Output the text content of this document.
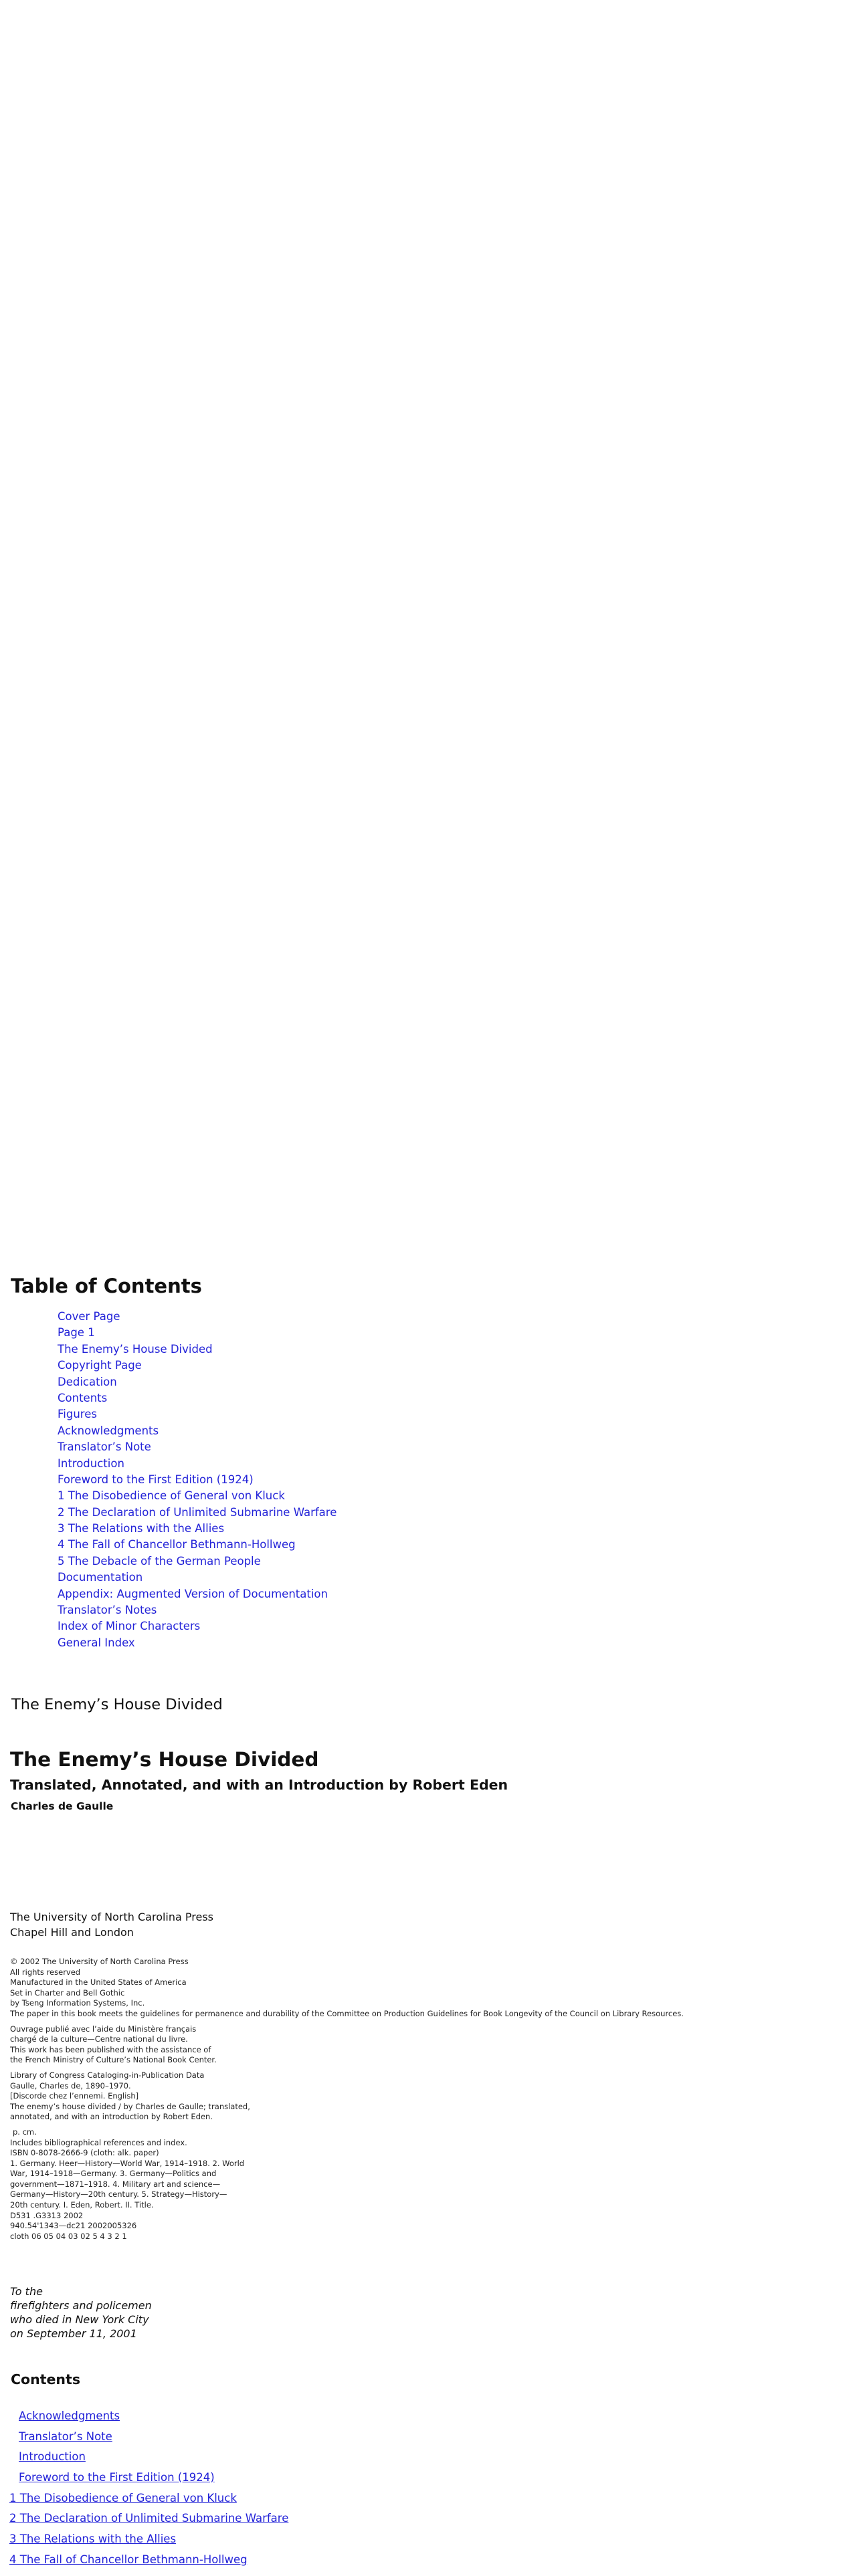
Table of Contents
Cover Page
Page 1
The Enemy’s House Divided
Copyright Page
Dedication
Contents
Figures
Acknowledgments
Translator’s Note
Introduction
Foreword to the First Edition (1924)
1 The Disobedience of General von Kluck
2 The Declaration of Unlimited Submarine Warfare
3 The Relations with the Allies
4 The Fall of Chancellor Bethmann-Hollweg
5 The Debacle of the German People
Documentation
Appendix: Augmented Version of Documentation
Translator’s Notes
Index of Minor Characters
General Index
The Enemy’s House Divided
The Enemy’s House Divided
Translated, Annotated, and with an Introduction by Robert Eden
Charles de Gaulle
The University of North Carolina Press
Chapel Hill and London
© 2002 The University of North Carolina Press
All rights reserved
Manufactured in the United States of America
Set in Charter and Bell Gothic
by Tseng Information Systems, Inc.
The paper in this book meets the guidelines for permanence and durability of the Committee on Production Guidelines for Book Longevity of the Council on Library Resources.
Ouvrage publié avec l’aide du Ministère français
chargé de la culture—Centre national du livre.
This work has been published with the assistance of
the French Ministry of Culture’s National Book Center.
Library of Congress Cataloging-in-Publication Data
Gaulle, Charles de, 1890–1970.
[Discorde chez l’ennemi. English]
The enemy’s house divided / by Charles de Gaulle; translated,
annotated, and with an introduction by Robert Eden.
p. cm.
Includes bibliographical references and index.
ISBN 0-8078-2666-9 (cloth: alk. paper)
1. Germany. Heer—History—World War, 1914–1918. 2. World
War, 1914–1918—Germany. 3. Germany—Politics and
government—1871–1918. 4. Military art and science—
Germany—History—20th century. 5. Strategy—History—
20th century. I. Eden, Robert. II. Title.
D531 .G3313 2002
940.54'1343—dc21 2002005326
cloth 06 05 04 03 02 5 4 3 2 1
To the
firefighters and policemen
who died in New York City
on September 11, 2001
Contents
Acknowledgments
Translator’s Note
Introduction
Foreword to the First Edition (1924)
1 The Disobedience of General von Kluck
2 The Declaration of Unlimited Submarine Warfare
3 The Relations with the Allies
4 The Fall of Chancellor Bethmann-Hollweg
